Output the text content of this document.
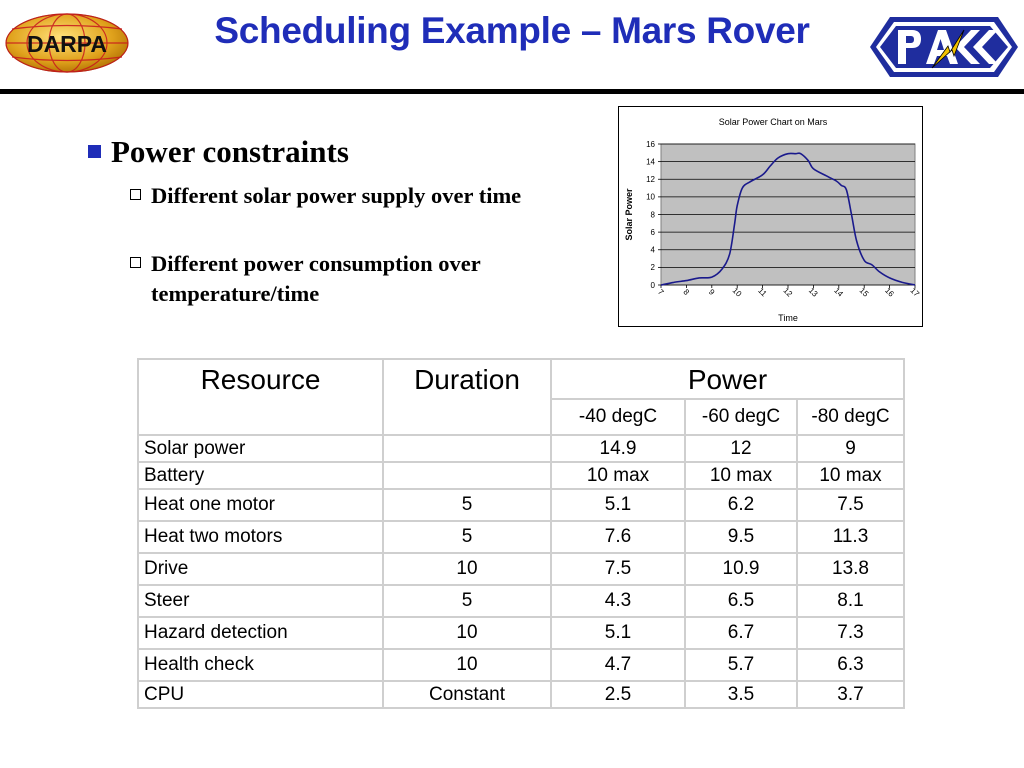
DARPA	Scheduling Example – Mars Rover
PACC
Power constraints
Different solar power supply over time
Different power consumption over temperature/time	0
2
4
6
8
10
12
14
16
7 8 9 10 11 12 13 14 15 16 17
Solar Power Chart on Mars
Time
Solar Power
Resource	Duration	Power		
		-40 degC	-60 degC	-80 degC
Solar power		14.9	12	9
Battery		10 max	10 max	10 max
Heat one motor	5	5.1	6.2	7.5
Heat two motors	5	7.6	9.5	11.3
Drive	10	7.5	10.9	13.8
Steer	5	4.3	6.5	8.1
Hazard detection	10	5.1	6.7	7.3
Health check	10	4.7	5.7	6.3
CPU	Constant	2.5	3.5	3.7
